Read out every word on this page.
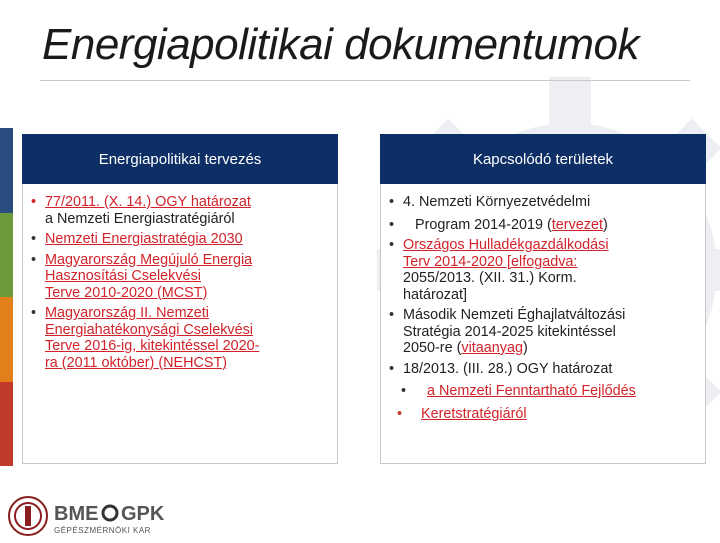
Energiapolitikai dokumentumok
Energiapolitikai tervezés
• 77/2011. (X. 14.) OGY határozat
a Nemzeti Energiastratégiáról
• Nemzeti Energiastratégia 2030
• Magyarország Megújuló Energia
Hasznosítási Cselekvési
Terve 2010-2020 (MCST)
• Magyarország II. Nemzeti
Energiahatékonysági Cselekvési
Terve 2016-ig, kitekintéssel 2020-
ra (2011 október) (NEHCST)
Kapcsolódó területek
• 4. Nemzeti Környezetvédelmi
• Program 2014-2019 (tervezet)
• Országos Hulladékgazdálkodási
Terv 2014-2020 [elfogadva:
2055/2013. (XII. 31.) Korm.
határozat]
• Második Nemzeti Éghajlatváltozási
Stratégia 2014-2025 kitekintéssel
2050-re (vitaanyag)
• 18/2013. (III. 28.) OGY határozat
• a Nemzeti Fenntartható Fejlődés
• Keretstratégiáról
BME GPK
GÉPÉSZMÉRNÖKI KAR
